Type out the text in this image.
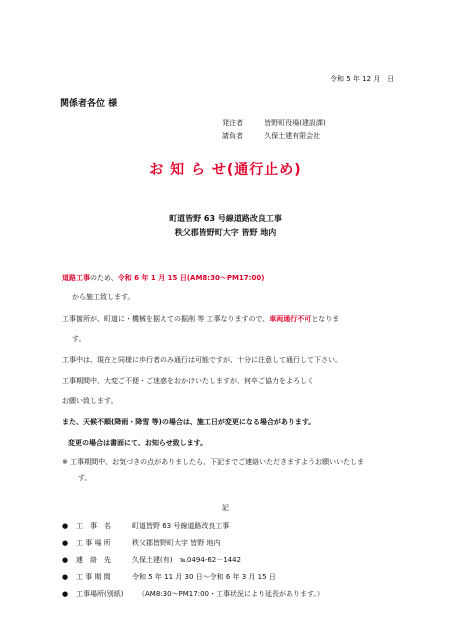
令和 5 年 12 月　日
関係者各位 様
発注者	皆野町役場(建設課)
請負者	久保土建有限会社
お 知 ら せ(通行止め)
町道皆野 63 号線道路改良工事
秩父郡皆野町大字 皆野 地内
道路工事のため、令和 6 年 1 月 15 日(AM8:30～PM17:00)
から施工致します。
工事箇所が、町道に・機械を据えての掘削 等 工事なりますので、車両通行不可となりま
す。
工事中は、現在と同様に歩行者のみ通行は可能ですが、十分に注意して通行して下さい。
工事期間中、大変ご不便・ご迷惑をおかけいたしますが、何卒ご協力をよろしく
お願い致します。
また、天候不順(降雨・降雪 等)の場合は、施工日が変更になる場合があります。
変更の場合は書面にて、お知らせ致します。
※ 工事期間中、お気づきの点がありましたら、下記までご連絡いただきますようお願いいたしま
す。
記
● 工　事　名	町道皆野 63 号線道路改良工事
● 工 事 場 所	秩父郡皆野町大字 皆野 地内
● 連　絡　先	久保土建(有)　℡0494-62－1442
● 工 事 期 間	令和 5 年 11 月 30 日～令和 6 年 3 月 15 日
● 工事場所(別紙) （AM8:30～PM17:00・工事状況により延長があります。）
